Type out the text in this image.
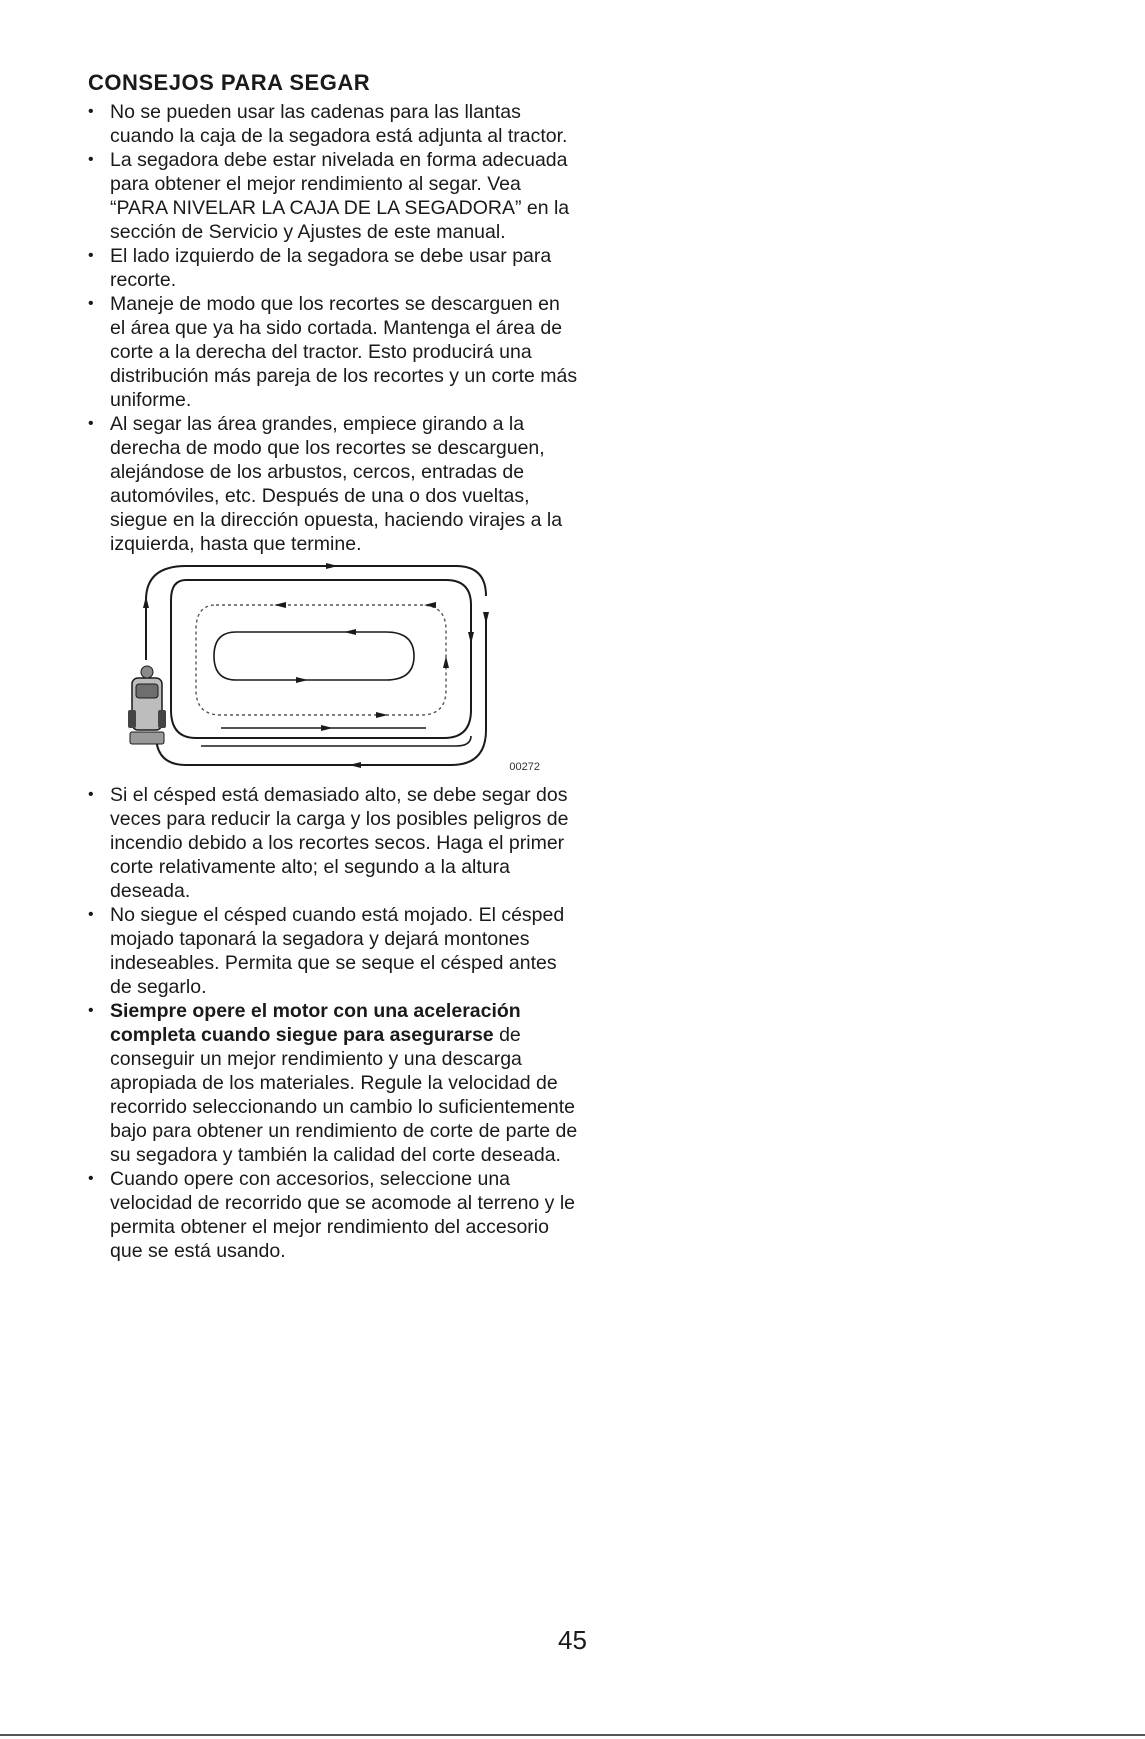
CONSEJOS PARA SEGAR
• No se pueden usar las cadenas para las llantas cuando la caja de la segadora está adjunta al tractor.
• La segadora debe estar nivelada en forma adecuada para obtener el mejor rendimiento al segar. Vea “PARA NIVELAR LA CAJA DE LA SEGADORA” en la sección de Servicio y Ajustes de este manual.
• El lado izquierdo de la segadora se debe usar para recorte.
• Maneje de modo que los recortes se descarguen en el área que ya ha sido cortada. Mantenga el área de corte a la derecha del tractor. Esto producirá una distribución más pareja de los recortes y un corte más uniforme.
• Al segar las área grandes, empiece girando a la derecha de modo que los recortes se descarguen, alejándose de los arbustos, cercos, entradas de automóviles, etc. Después de una o dos vueltas, siegue en la dirección opuesta, haciendo virajes a la izquierda, hasta que termine.
00272
• Si el césped está demasiado alto, se debe segar dos veces para reducir la carga y los posibles peligros de incendio debido a los recortes secos. Haga el primer corte relativamente alto; el segundo a la altura deseada.
• No siegue el césped cuando está mojado. El césped mojado taponará la segadora y dejará montones indeseables. Permita que se seque el césped antes de segarlo.
• Siempre opere el motor con una aceleración completa cuando siegue para asegurarse de conseguir un mejor rendimiento y una descarga apropiada de los materiales. Regule la velocidad de recorrido seleccionando un cambio lo suficientemente bajo para obtener un rendimiento de corte de parte de su segadora y también la calidad del corte deseada.
• Cuando opere con accesorios, seleccione una velocidad de recorrido que se acomode al terreno y le permita obtener el mejor rendimiento del accesorio que se está usando.
45
